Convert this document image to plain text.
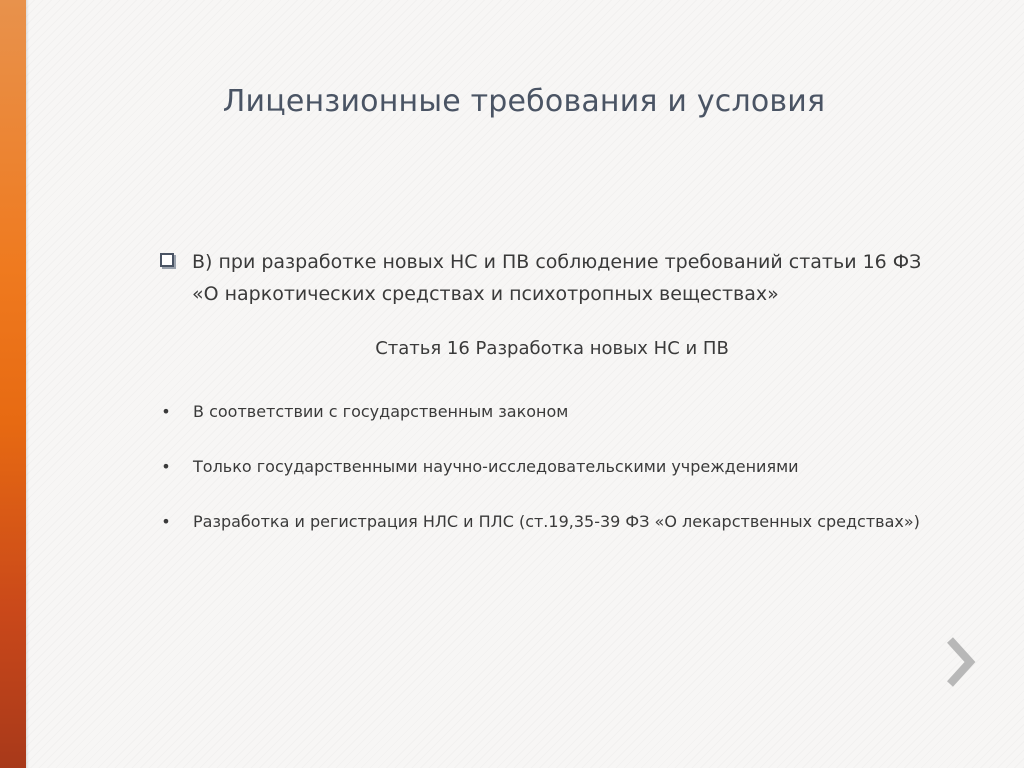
Лицензионные требования и условия
В) при разработке новых НС и ПВ соблюдение требований статьи 16 ФЗ «О наркотических средствах и психотропных веществах»
Статья 16 Разработка новых НС и ПВ
• В соответствии с государственным законом
• Только государственными научно-исследовательскими учреждениями
• Разработка и регистрация НЛС и ПЛС (ст.19,35-39 ФЗ «О лекарственных средствах»)
